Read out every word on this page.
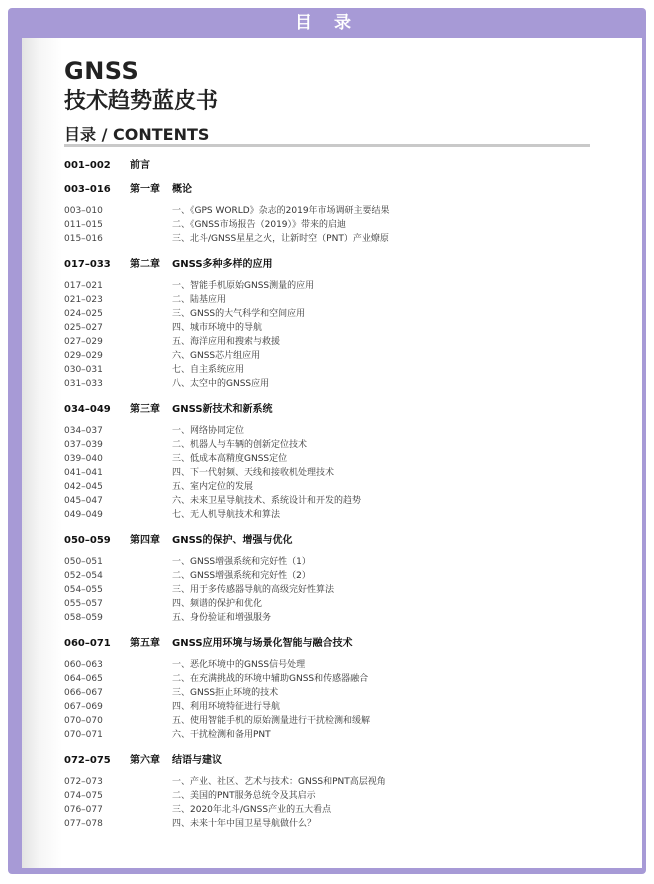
目 录
GNSS
技术趋势蓝皮书
目录 / CONTENTS
001–002 前言
003–016 第一章 概论
003–010	一、《GPS WORLD》杂志的2019年市场调研主要结果
011–015	二、《GNSS市场报告（2019）》带来的启迪
015–016	三、北斗/GNSS星星之火，让新时空（PNT）产业燎原
017–033 第二章 GNSS多种多样的应用
017–021	一、智能手机原始GNSS测量的应用
021–023	二、陆基应用
024–025	三、GNSS的大气科学和空间应用
025–027	四、城市环境中的导航
027–029	五、海洋应用和搜索与救援
029–029	六、GNSS芯片组应用
030–031	七、自主系统应用
031–033	八、太空中的GNSS应用
034–049 第三章 GNSS新技术和新系统
034–037	一、网络协同定位
037–039	二、机器人与车辆的创新定位技术
039–040	三、低成本高精度GNSS定位
041–041	四、下一代射频、天线和接收机处理技术
042–045	五、室内定位的发展
045–047	六、未来卫星导航技术、系统设计和开发的趋势
049–049	七、无人机导航技术和算法
050–059 第四章 GNSS的保护、增强与优化
050–051	一、GNSS增强系统和完好性（1）
052–054	二、GNSS增强系统和完好性（2）
054–055	三、用于多传感器导航的高级完好性算法
055–057	四、频谱的保护和优化
058–059	五、身份验证和增强服务
060–071 第五章 GNSS应用环境与场景化智能与融合技术
060–063	一、恶化环境中的GNSS信号处理
064–065	二、在充满挑战的环境中辅助GNSS和传感器融合
066–067	三、GNSS拒止环境的技术
067–069	四、利用环境特征进行导航
070–070	五、使用智能手机的原始测量进行干扰检测和缓解
070–071	六、干扰检测和备用PNT
072–075 第六章 结语与建议
072–073	一、产业、社区、艺术与技术：GNSS和PNT高层视角
074–075	二、美国的PNT服务总统令及其启示
076–077	三、2020年北斗/GNSS产业的五大看点
077–078	四、未来十年中国卫星导航做什么？
